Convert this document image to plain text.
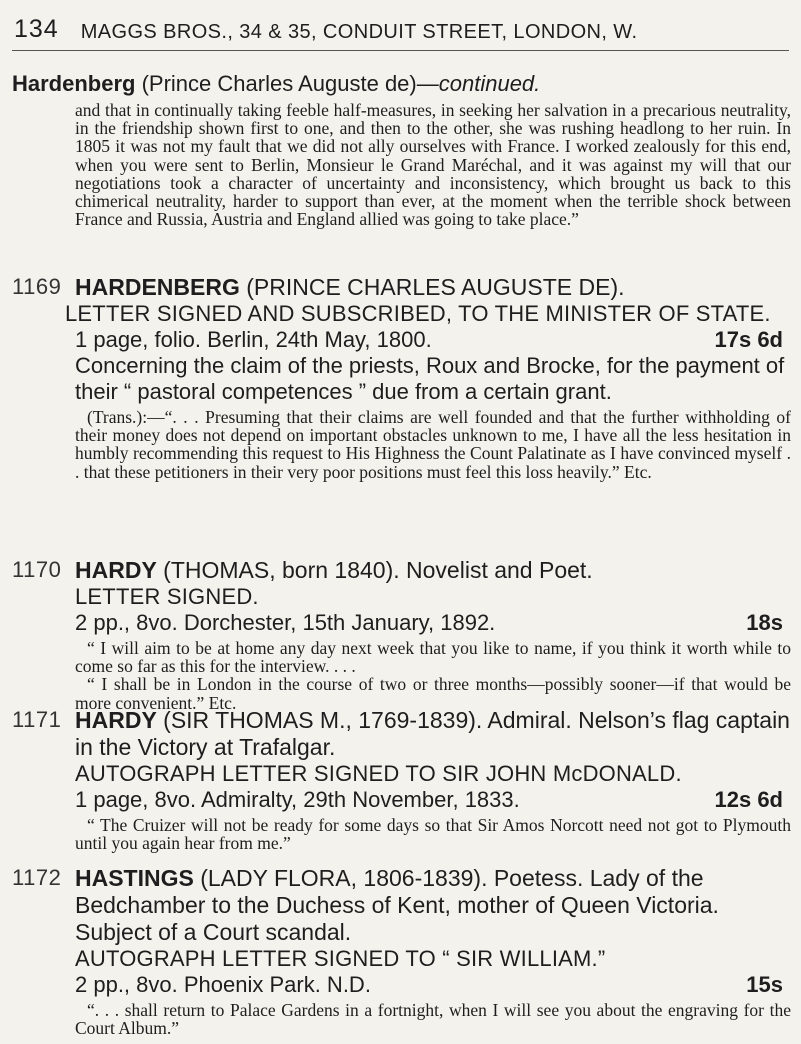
134 MAGGS BROS., 34 & 35, CONDUIT STREET, LONDON, W.
Hardenberg (Prince Charles Auguste de)—continued.
and that in continually taking feeble half-measures, in seeking her salvation in a precarious neutrality, in the friendship shown first to one, and then to the other, she was rushing headlong to her ruin. In 1805 it was not my fault that we did not ally ourselves with France. I worked zealously for this end, when you were sent to Berlin, Monsieur le Grand Maréchal, and it was against my will that our negotiations took a character of uncertainty and inconsistency, which brought us back to this chimerical neutrality, harder to support than ever, at the moment when the terrible shock between France and Russia, Austria and England allied was going to take place.”
1169 HARDENBERG (PRINCE CHARLES AUGUSTE DE).
LETTER SIGNED AND SUBSCRIBED, TO THE MINISTER OF STATE.
1 page, folio. Berlin, 24th May, 1800.	17s 6d
Concerning the claim of the priests, Roux and Brocke, for the payment of their “ pastoral competences ” due from a certain grant.
(Trans.):—“. . . Presuming that their claims are well founded and that the further withholding of their money does not depend on important obstacles unknown to me, I have all the less hesitation in humbly recommending this request to His Highness the Count Palatinate as I have convinced myself . . that these petitioners in their very poor positions must feel this loss heavily.” Etc.
1170 HARDY (THOMAS, born 1840). Novelist and Poet.
LETTER SIGNED.
2 pp., 8vo. Dorchester, 15th January, 1892.	18s
“ I will aim to be at home any day next week that you like to name, if you think it worth while to come so far as this for the interview. . . .
“ I shall be in London in the course of two or three months—possibly sooner—if that would be more convenient.” Etc.
1171 HARDY (SIR THOMAS M., 1769-1839). Admiral. Nelson’s flag captain in the Victory at Trafalgar.
AUTOGRAPH LETTER SIGNED TO SIR JOHN McDONALD.
1 page, 8vo. Admiralty, 29th November, 1833.	12s 6d
“ The Cruizer will not be ready for some days so that Sir Amos Norcott need not got to Plymouth until you again hear from me.”
1172 HASTINGS (LADY FLORA, 1806-1839). Poetess. Lady of the Bedchamber to the Duchess of Kent, mother of Queen Victoria. Subject of a Court scandal.
AUTOGRAPH LETTER SIGNED TO “ SIR WILLIAM.”
2 pp., 8vo. Phoenix Park. N.D.	15s
“. . . shall return to Palace Gardens in a fortnight, when I will see you about the engraving for the Court Album.”
